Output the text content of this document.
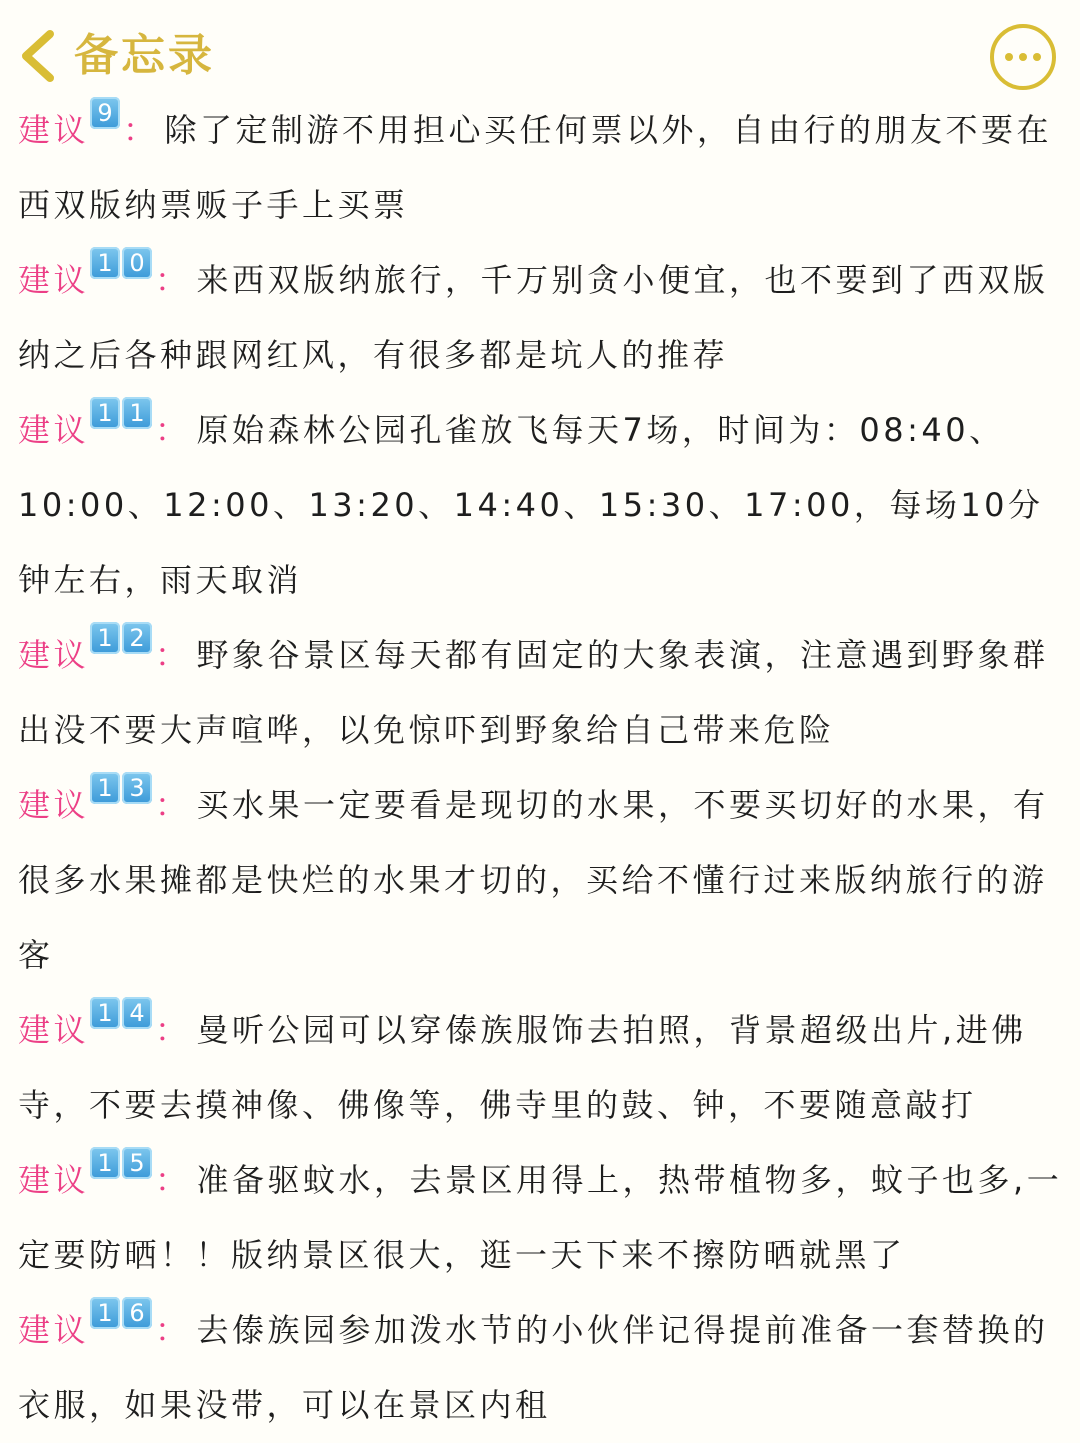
备忘录

建议 9 ： 除了定制游不用担心买任何票以外，自由行的朋友不要在西双版纳票贩子手上买票

建议 1 0 ： 来西双版纳旅行，千万别贪小便宜，也不要到了西双版纳之后各种跟网红风，有很多都是坑人的推荐

建议 1 1 ： 原始森林公园孔雀放飞每天7场，时间为：08:40、10:00、12:00、13:20、14:40、15:30、17:00，每场10分钟左右，雨天取消

建议 1 2 ： 野象谷景区每天都有固定的大象表演，注意遇到野象群出没不要大声喧哗，以免惊吓到野象给自己带来危险

建议 1 3 ： 买水果一定要看是现切的水果，不要买切好的水果，有很多水果摊都是快烂的水果才切的，买给不懂行过来版纳旅行的游客

建议 1 4 ： 曼听公园可以穿傣族服饰去拍照，背景超级出片,进佛寺，不要去摸神像、佛像等，佛寺里的鼓、钟，不要随意敲打

建议 1 5 ： 准备驱蚊水，去景区用得上，热带植物多，蚊子也多,一定要防晒！！版纳景区很大，逛一天下来不擦防晒就黑了

建议 1 6 ： 去傣族园参加泼水节的小伙伴记得提前准备一套替换的衣服，如果没带，可以在景区内租
